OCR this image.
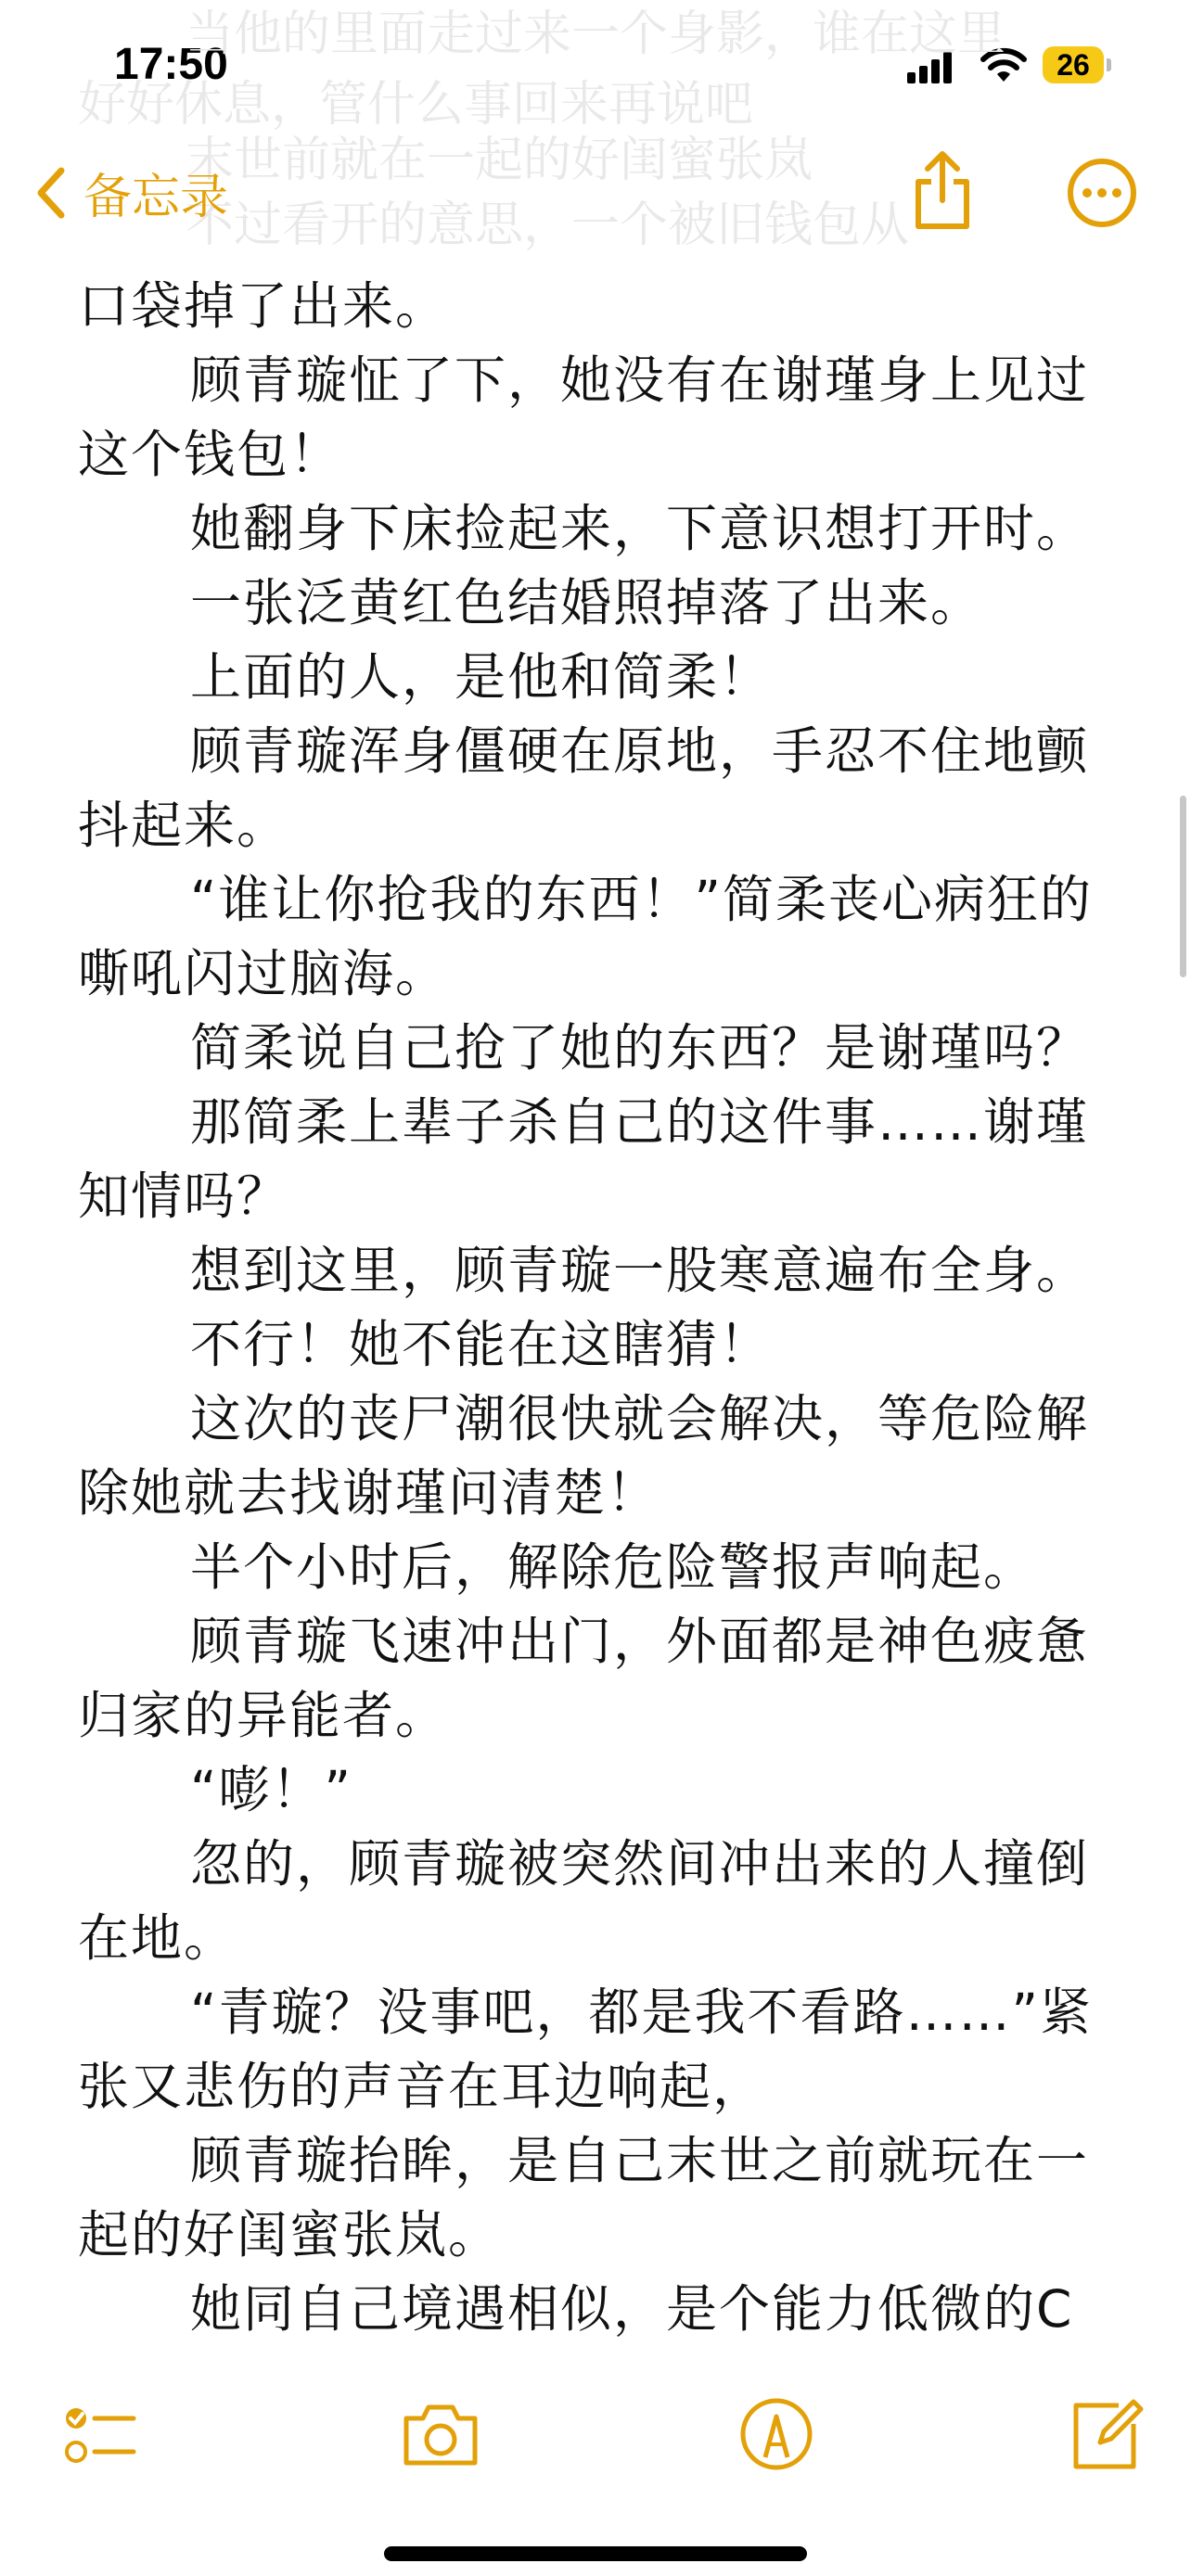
17:50	26
当他的里面走过来一个身影，谁在这里
好好休息，管什么事回来再说吧
末世前就在一起的好闺蜜张岚
不过看开的意思，一个被旧钱包从
备忘录

口袋掉了出来。

顾青璇怔了下，她没有在谢瑾身上见过这个钱包！

她翻身下床捡起来，下意识想打开时。

一张泛黄红色结婚照掉落了出来。

上面的人，是他和简柔！

顾青璇浑身僵硬在原地，手忍不住地颤抖起来。

“谁让你抢我的东西！”简柔丧心病狂的嘶吼闪过脑海。

简柔说自己抢了她的东西？是谢瑾吗？

那简柔上辈子杀自己的这件事……谢瑾知情吗？

想到这里，顾青璇一股寒意遍布全身。

不行！她不能在这瞎猜！

这次的丧尸潮很快就会解决，等危险解除她就去找谢瑾问清楚！

半个小时后，解除危险警报声响起。

顾青璇飞速冲出门，外面都是神色疲惫归家的异能者。

“嘭！”

忽的，顾青璇被突然间冲出来的人撞倒在地。

“青璇？没事吧，都是我不看路……”紧张又悲伤的声音在耳边响起，

顾青璇抬眸，是自己末世之前就玩在一起的好闺蜜张岚。

她同自己境遇相似，是个能力低微的C
